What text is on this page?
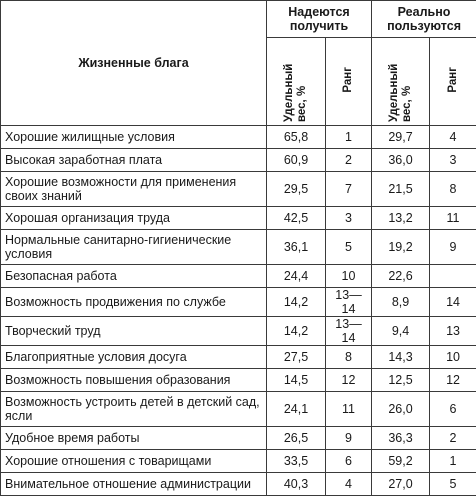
Жизненные блага	Надеются получить		Реально пользуются	
	Удельный вес, %	Ранг	Удельный вес, %	Ранг
Хорошие жилищные условия	65,8	1	29,7	4
Высокая заработная плата	60,9	2	36,0	3
Хорошие возможности для применения своих знаний	29,5	7	21,5	8
Хорошая организация труда	42,5	3	13,2	11
Нормальные санитарно-гигиенические условия	36,1	5	19,2	9
Безопасная работа	24,4	10	22,6	
Возможность продвижения по службе	14,2	13— 14	8,9	14
Творческий труд	14,2	13— 14	9,4	13
Благоприятные условия досуга	27,5	8	14,3	10
Возможность повышения образования	14,5	12	12,5	12
Возможность устроить детей в детский сад, ясли	24,1	11	26,0	6
Удобное время работы	26,5	9	36,3	2
Хорошие отношения с товарищами	33,5	6	59,2	1
Внимательное отношение администрации	40,3	4	27,0	5
